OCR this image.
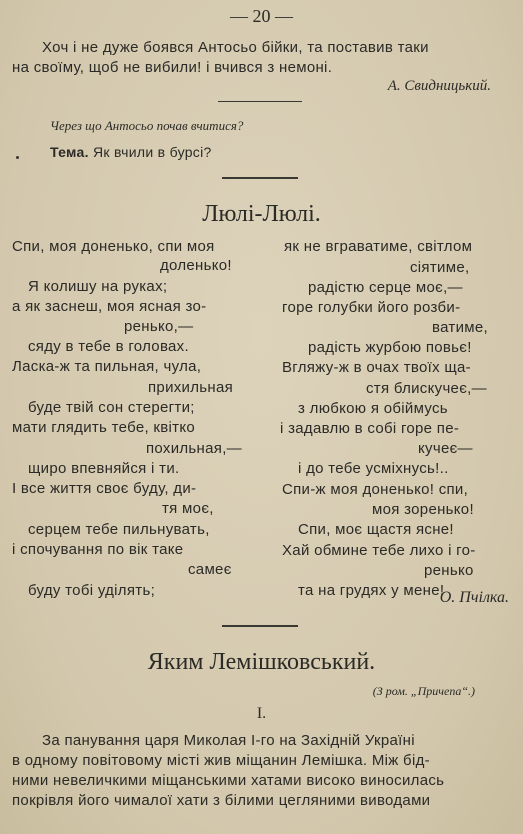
— 20 —

Хоч і не дуже боявся Антосьо бійки, та поставив таки

на своїму, щоб не вибили! і вчився з немоні.

А. Свидницький.
Через що Антосьо почав вчитися?
Тема. Як вчили в бурсі?
Люлі-Люлі.
Спи, моя доненько, спи моя
доленько!
Я колишу на руках;
а як заснеш, моя ясная зо-
ренько,—
сяду в тебе в головах.
Ласка-ж та пильная, чула,
прихильная
буде твій сон стерегти;
мати глядить тебе, квітко
похильная,—
щиро впевняйся і ти.
І все життя своє буду, ди-
тя моє,
серцем тебе пильнувать,
і спочування по вік таке
самеє
буду тобі уділять;
як не вграватиме, світлом
сіятиме,
радістю серце моє,—
горе голубки його розби-
ватиме,
радість журбою повьє!
Вгляжу-ж в очах твоїх ща-
стя блискучеє,—
з любкою я обіймусь
і задавлю в собі горе пе-
кучеє—
і до тебе усміхнусь!..
Спи-ж моя доненько! спи,
моя зоренько!
Спи, моє щастя ясне!
Хай обмине тебе лихо і го-
ренько
та на грудях у мене!
О. Пчілка.
Яким Лемішковський.
(З ром. „Причепа“.)
І.

За панування царя Миколая І-го на Західній Україні

в одному повітовому місті жив міщанин Лемішка. Між бід-

ними невеличкими міщанськими хатами високо виносилась

покрівля його чималої хати з білими цегляними виводами
